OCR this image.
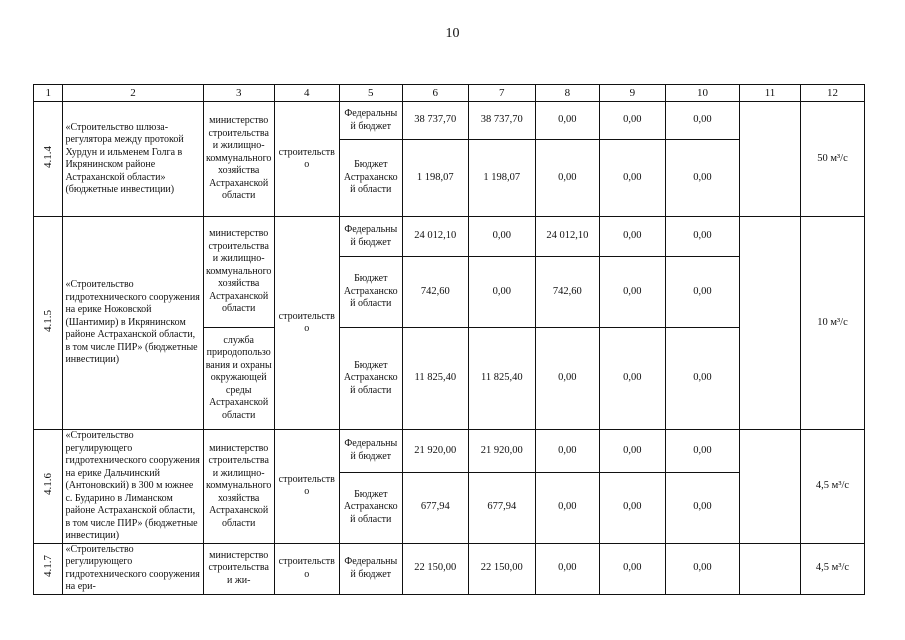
10
1	2	3	4	5	6	7	8	9	10	11	12
4.1.4	«Строительство шлюза-регулятора между протокой Хурдун и ильменем Голга в Икрянинском районе Астраханской области» (бюджетные инвестиции)	министерство строительства и жилищно-коммунального хозяйства Астраханской области	строительство	Федеральный бюджет	38 737,70	38 737,70	0,00	0,00	0,00		50 м³/с
				Бюджет Астраханской области	1 198,07	1 198,07	0,00	0,00	0,00		
4.1.5	«Строительство гидротехнического сооружения на ерике Ножовской (Шантимир) в Икрянинском районе Астраханской области, в том числе ПИР» (бюджетные инвестиции)	министерство строительства и жилищно-коммунального хозяйства Астраханской области	строительство	Федеральный бюджет	24 012,10	0,00	24 012,10	0,00	0,00		10 м³/с
				Бюджет Астраханской области	742,60	0,00	742,60	0,00	0,00		
		служба природопользования и охраны окружающей среды Астраханской области		Бюджет Астраханской области	11 825,40	11 825,40	0,00	0,00	0,00		
4.1.6	«Строительство регулирующего гидротехнического сооружения на ерике Дальчинский (Антоновский) в 300 м южнее с. Бударино в Лиманском районе Астраханской области, в том числе ПИР» (бюджетные инвестиции)	министерство строительства и жилищно-коммунального хозяйства Астраханской области	строительство	Федеральный бюджет	21 920,00	21 920,00	0,00	0,00	0,00		4,5 м³/с
				Бюджет Астраханской области	677,94	677,94	0,00	0,00	0,00		
4.1.7	«Строительство регулирующего гидротехнического сооружения на ери-	министерство строительства и жи-	строительство	Федеральный бюджет	22 150,00	22 150,00	0,00	0,00	0,00		4,5 м³/с
